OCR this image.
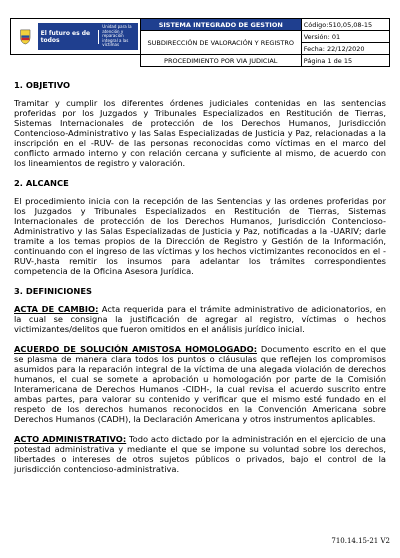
El futuro es de todos
Unidad para la atención y reparación integral a las víctimas	SISTEMA INTEGRADO DE GESTION	Código:510,05,08-15
	SUBDIRECCIÓN DE VALORACIÓN Y REGISTRO	Versión: 01
		Fecha: 22/12/2020
	PROCEDIMIENTO POR VIA JUDICIAL	Página 1 de 15
1. OBJETIVO
Tramitar y cumplir los diferentes órdenes judiciales contenidas en las sentencias proferidas por los Juzgados y Tribunales Especializados en Restitución de Tierras, Sistemas Internacionales de protección de los Derechos Humanos, Jurisdicción Contencioso-Administrativo y las Salas Especializadas de Justicia y Paz, relacionadas a la inscripción en el -RUV- de las personas reconocidas como víctimas en el marco del conflicto armado interno y con relación cercana y suficiente al mismo, de acuerdo con los lineamientos de registro y valoración.
2. ALCANCE
El procedimiento inicia con la recepción de las Sentencias y las ordenes proferidas por los Juzgados y Tribunales Especializados en Restitución de Tierras, Sistemas Internacionales de protección de los Derechos Humanos, Jurisdicción Contencioso-Administrativo y las Salas Especializadas de Justicia y Paz, notificadas a la -UARIV; darle tramite a los temas propios de la Dirección de Registro y Gestión de la Información, continuando con el ingreso de las víctimas y los hechos victimizantes reconocidos en el -RUV-,hasta remitir los insumos para adelantar los trámites correspondientes competencia de la Oficina Asesora Jurídica.
3. DEFINICIONES
ACTA DE CAMBIO: Acta requerida para el trámite administrativo de adicionatorios, en la cual se consigna la justificación de agregar al registro, víctimas o hechos victimizantes/delitos que fueron omitidos en el análisis jurídico inicial.
ACUERDO DE SOLUCIÓN AMISTOSA HOMOLOGADO: Documento escrito en el que se plasma de manera clara todos los puntos o cláusulas que reflejen los compromisos asumidos para la reparación integral de la víctima de una alegada violación de derechos humanos, el cual se somete a aprobación u homologación por parte de la Comisión Interamericana de Derechos Humanos -CIDH-, la cual revisa el acuerdo suscrito entre ambas partes, para valorar su contenido y verificar que el mismo esté fundado en el respeto de los derechos humanos reconocidos en la Convención Americana sobre Derechos Humanos (CADH), la Declaración Americana y otros instrumentos aplicables.
ACTO ADMINISTRATIVO: Todo acto dictado por la administración en el ejercicio de una potestad administrativa y mediante el que se impone su voluntad sobre los derechos, libertades o intereses de otros sujetos públicos o privados, bajo el control de la jurisdicción contencioso-administrativa.
710.14.15-21 V2
